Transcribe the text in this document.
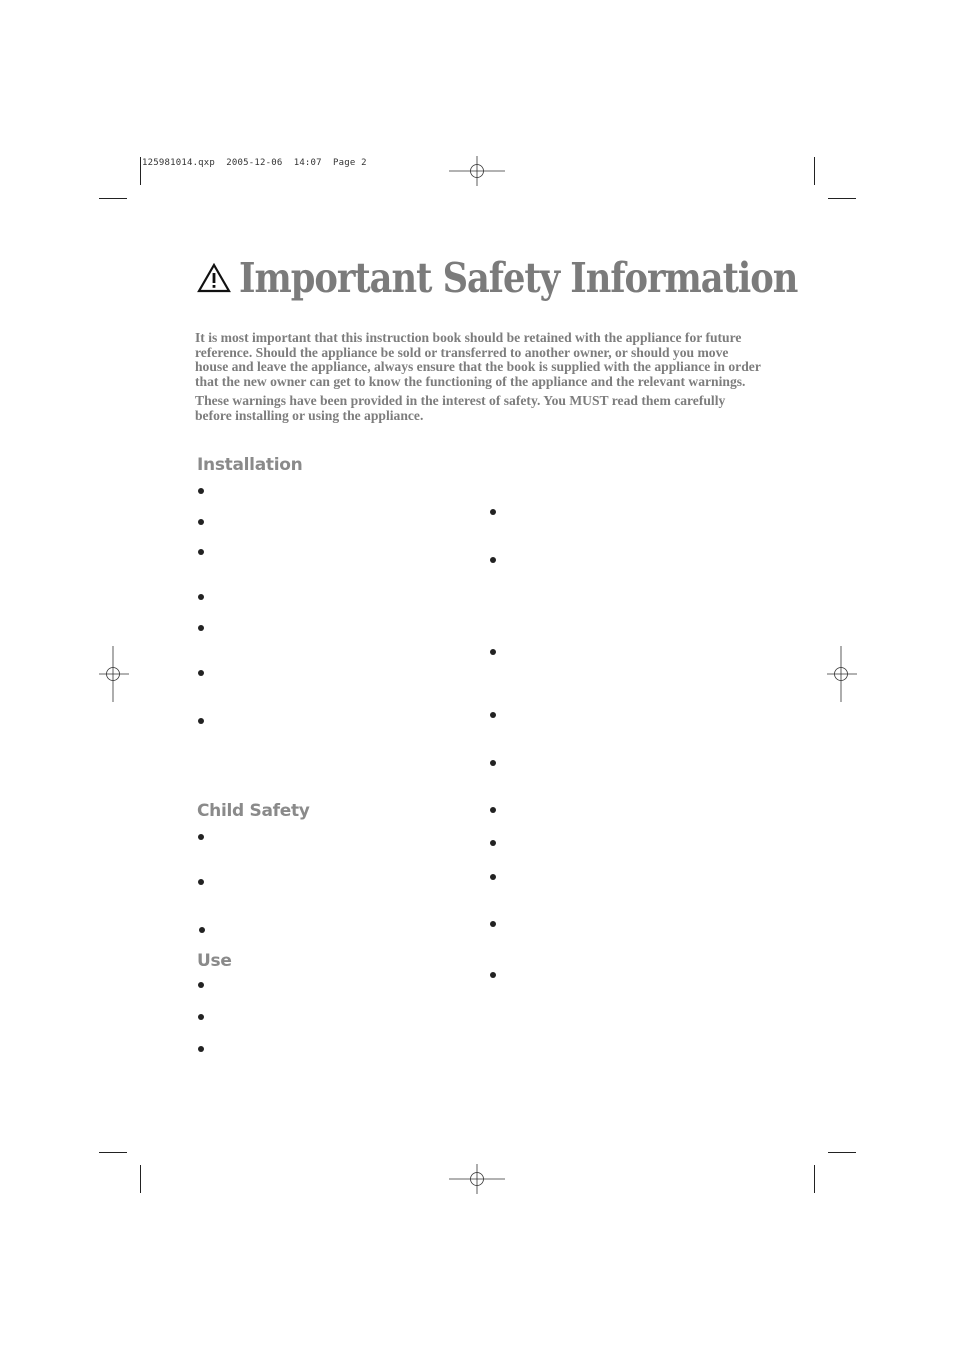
125981014.qxp  2005-12-06  14:07  Page 2
Important Safety Information

It is most important that this instruction book should be retained with the appliance for future reference. Should the appliance be sold or transferred to another owner, or should you move house and leave the appliance, always ensure that the book is supplied with the appliance in order that the new owner can get to know the functioning of the appliance and the relevant warnings.

These warnings have been provided in the interest of safety. You MUST read them carefully before installing or using the appliance.

Installation
Child Safety
Use
